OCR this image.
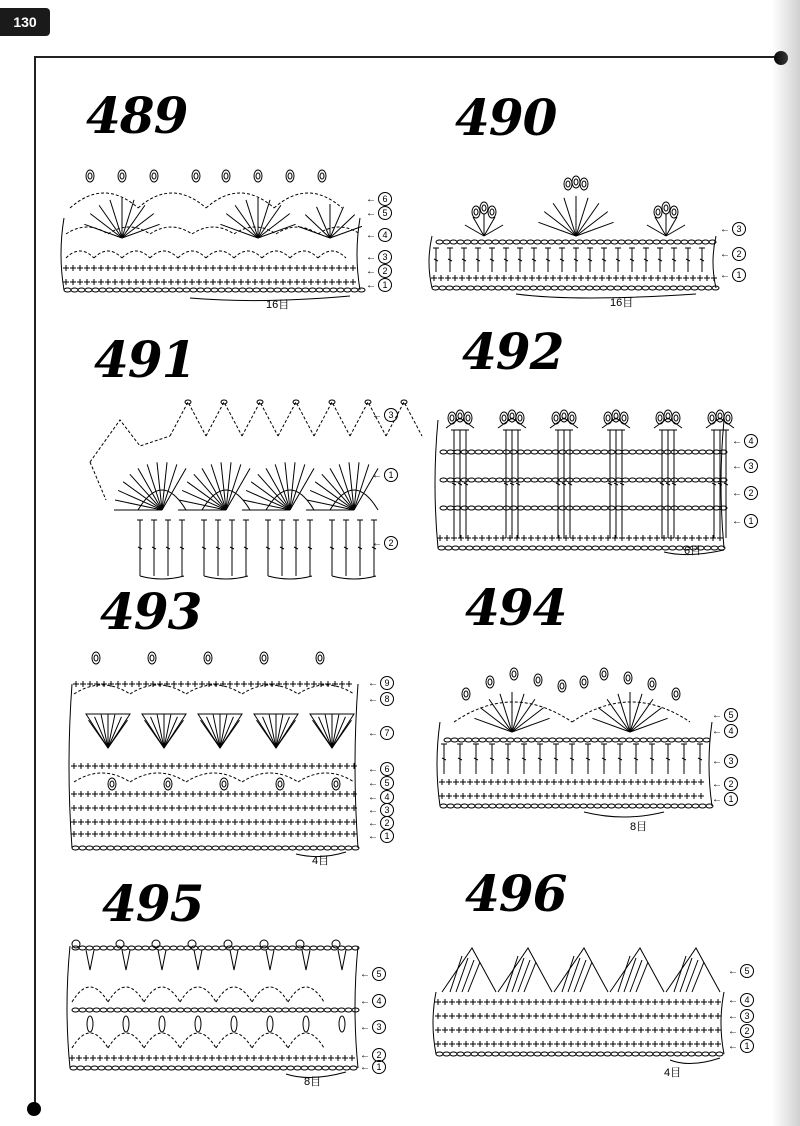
130
489	490
491	492
493	494
495	496
← 6
← 5
← 4
← 3
← 2
← 1
← 3
← 2
← 1
← 3
← 1
← 2
← 4
← 3
← 2
← 1
← 9
← 8
← 7
← 6
← 5
← 4
← 3
← 2
← 1
← 5
← 4
← 3
← 2
← 1
← 5
← 4
← 3
← 2
← 1
← 5
← 4
← 3
← 2
← 1
16目	16目
6目
4目
8目
8目
4目
